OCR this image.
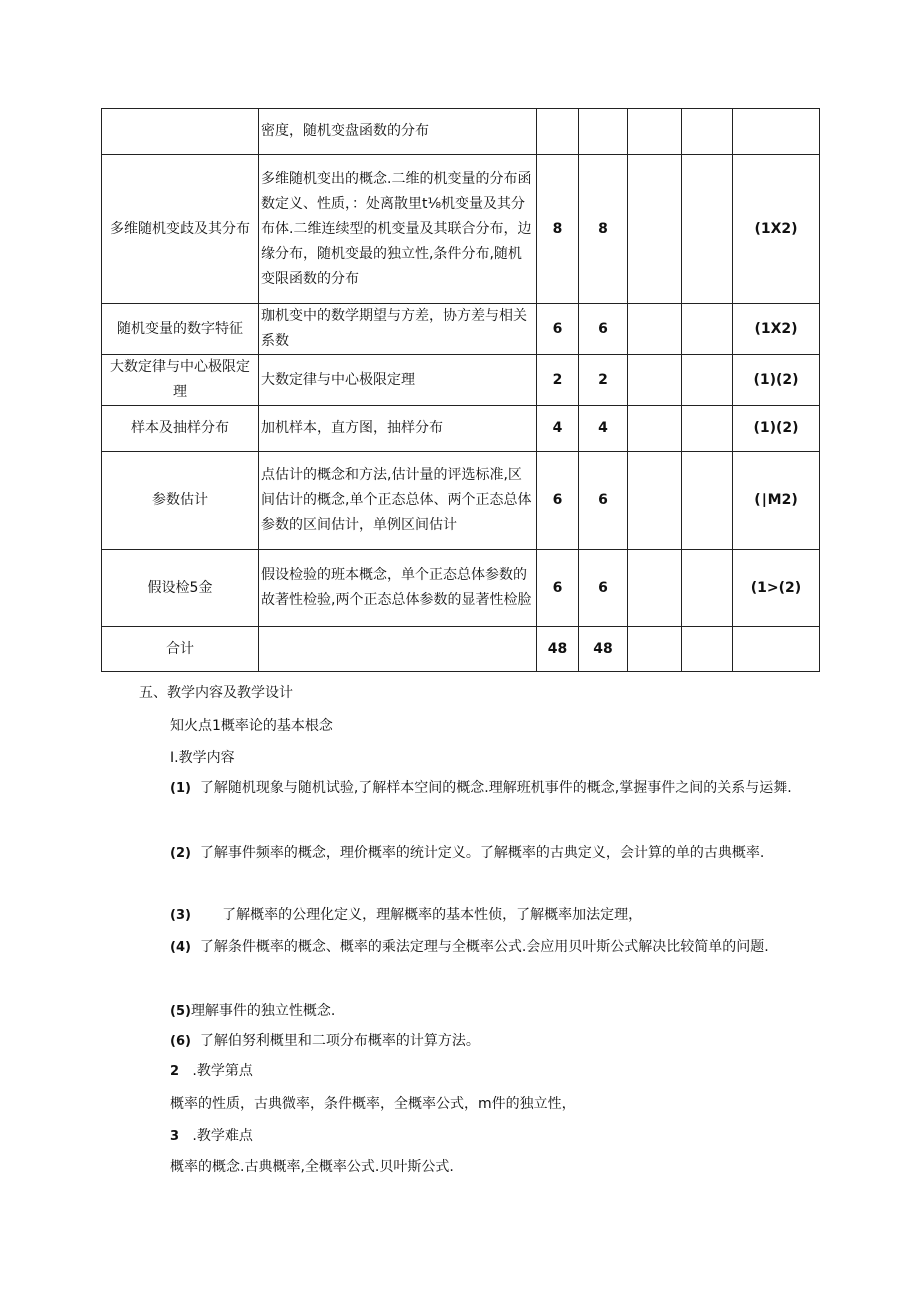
	密度，随机变盘函数的分布					
多维随机变歧及其分布	多维随机变出的概念.二维的机变量的分布函数定义、性质，：处离散里t⅛机变量及其分布体.二维连续型的机变量及其联合分布，边缘分布，随机变最的独立性,条件分布,随机变限函数的分布	8	8			(1X2)
随机变量的数字特征	珈机变中的数学期望与方差，协方差与相关系数	6	6			(1X2)
大数定律与中心极限定理	大数定律与中心极限定理	2	2			(1)(2)
样本及抽样分布	加机样本，直方图，抽样分布	4	4			(1)(2)
参数估计	点估计的概念和方法,估计量的评选标准,区间估计的概念,单个正态总体、两个正态总体参数的区间估计，单例区间估计	6	6			(∣M2)
假设检5金	假设检验的班本概念，单个正态总体参数的故著性检验,两个正态总体参数的显著性检脸	6	6			(1>(2)
合计		48	48			
五、教学内容及教学设计
知火点1概率论的基本根念
I.教学内容
(1) 了解随机现象与随机试验,了解样本空间的概念.理解班机事件的概念,掌握事件之间的关系与运舞.
(2) 了解事件频率的概念，理价概率的统计定义。了解概率的古典定义，会计算的单的古典概率.
(3) 了解概率的公理化定义，理解概率的基本性侦，了解概率加法定理，
(4) 了解条件概率的概念、概率的乘法定理与全概率公式.会应用贝叶斯公式解决比较简单的问题.
(5)理解事件的独立性概念.
(6) 了解伯努利概里和二项分布概率的计算方法。
2 .教学第点
概率的性质，古典微率，条件概率，全概率公式，m件的独立性，
3 .教学难点
概率的概念.古典概率,全概率公式.贝叶斯公式.
